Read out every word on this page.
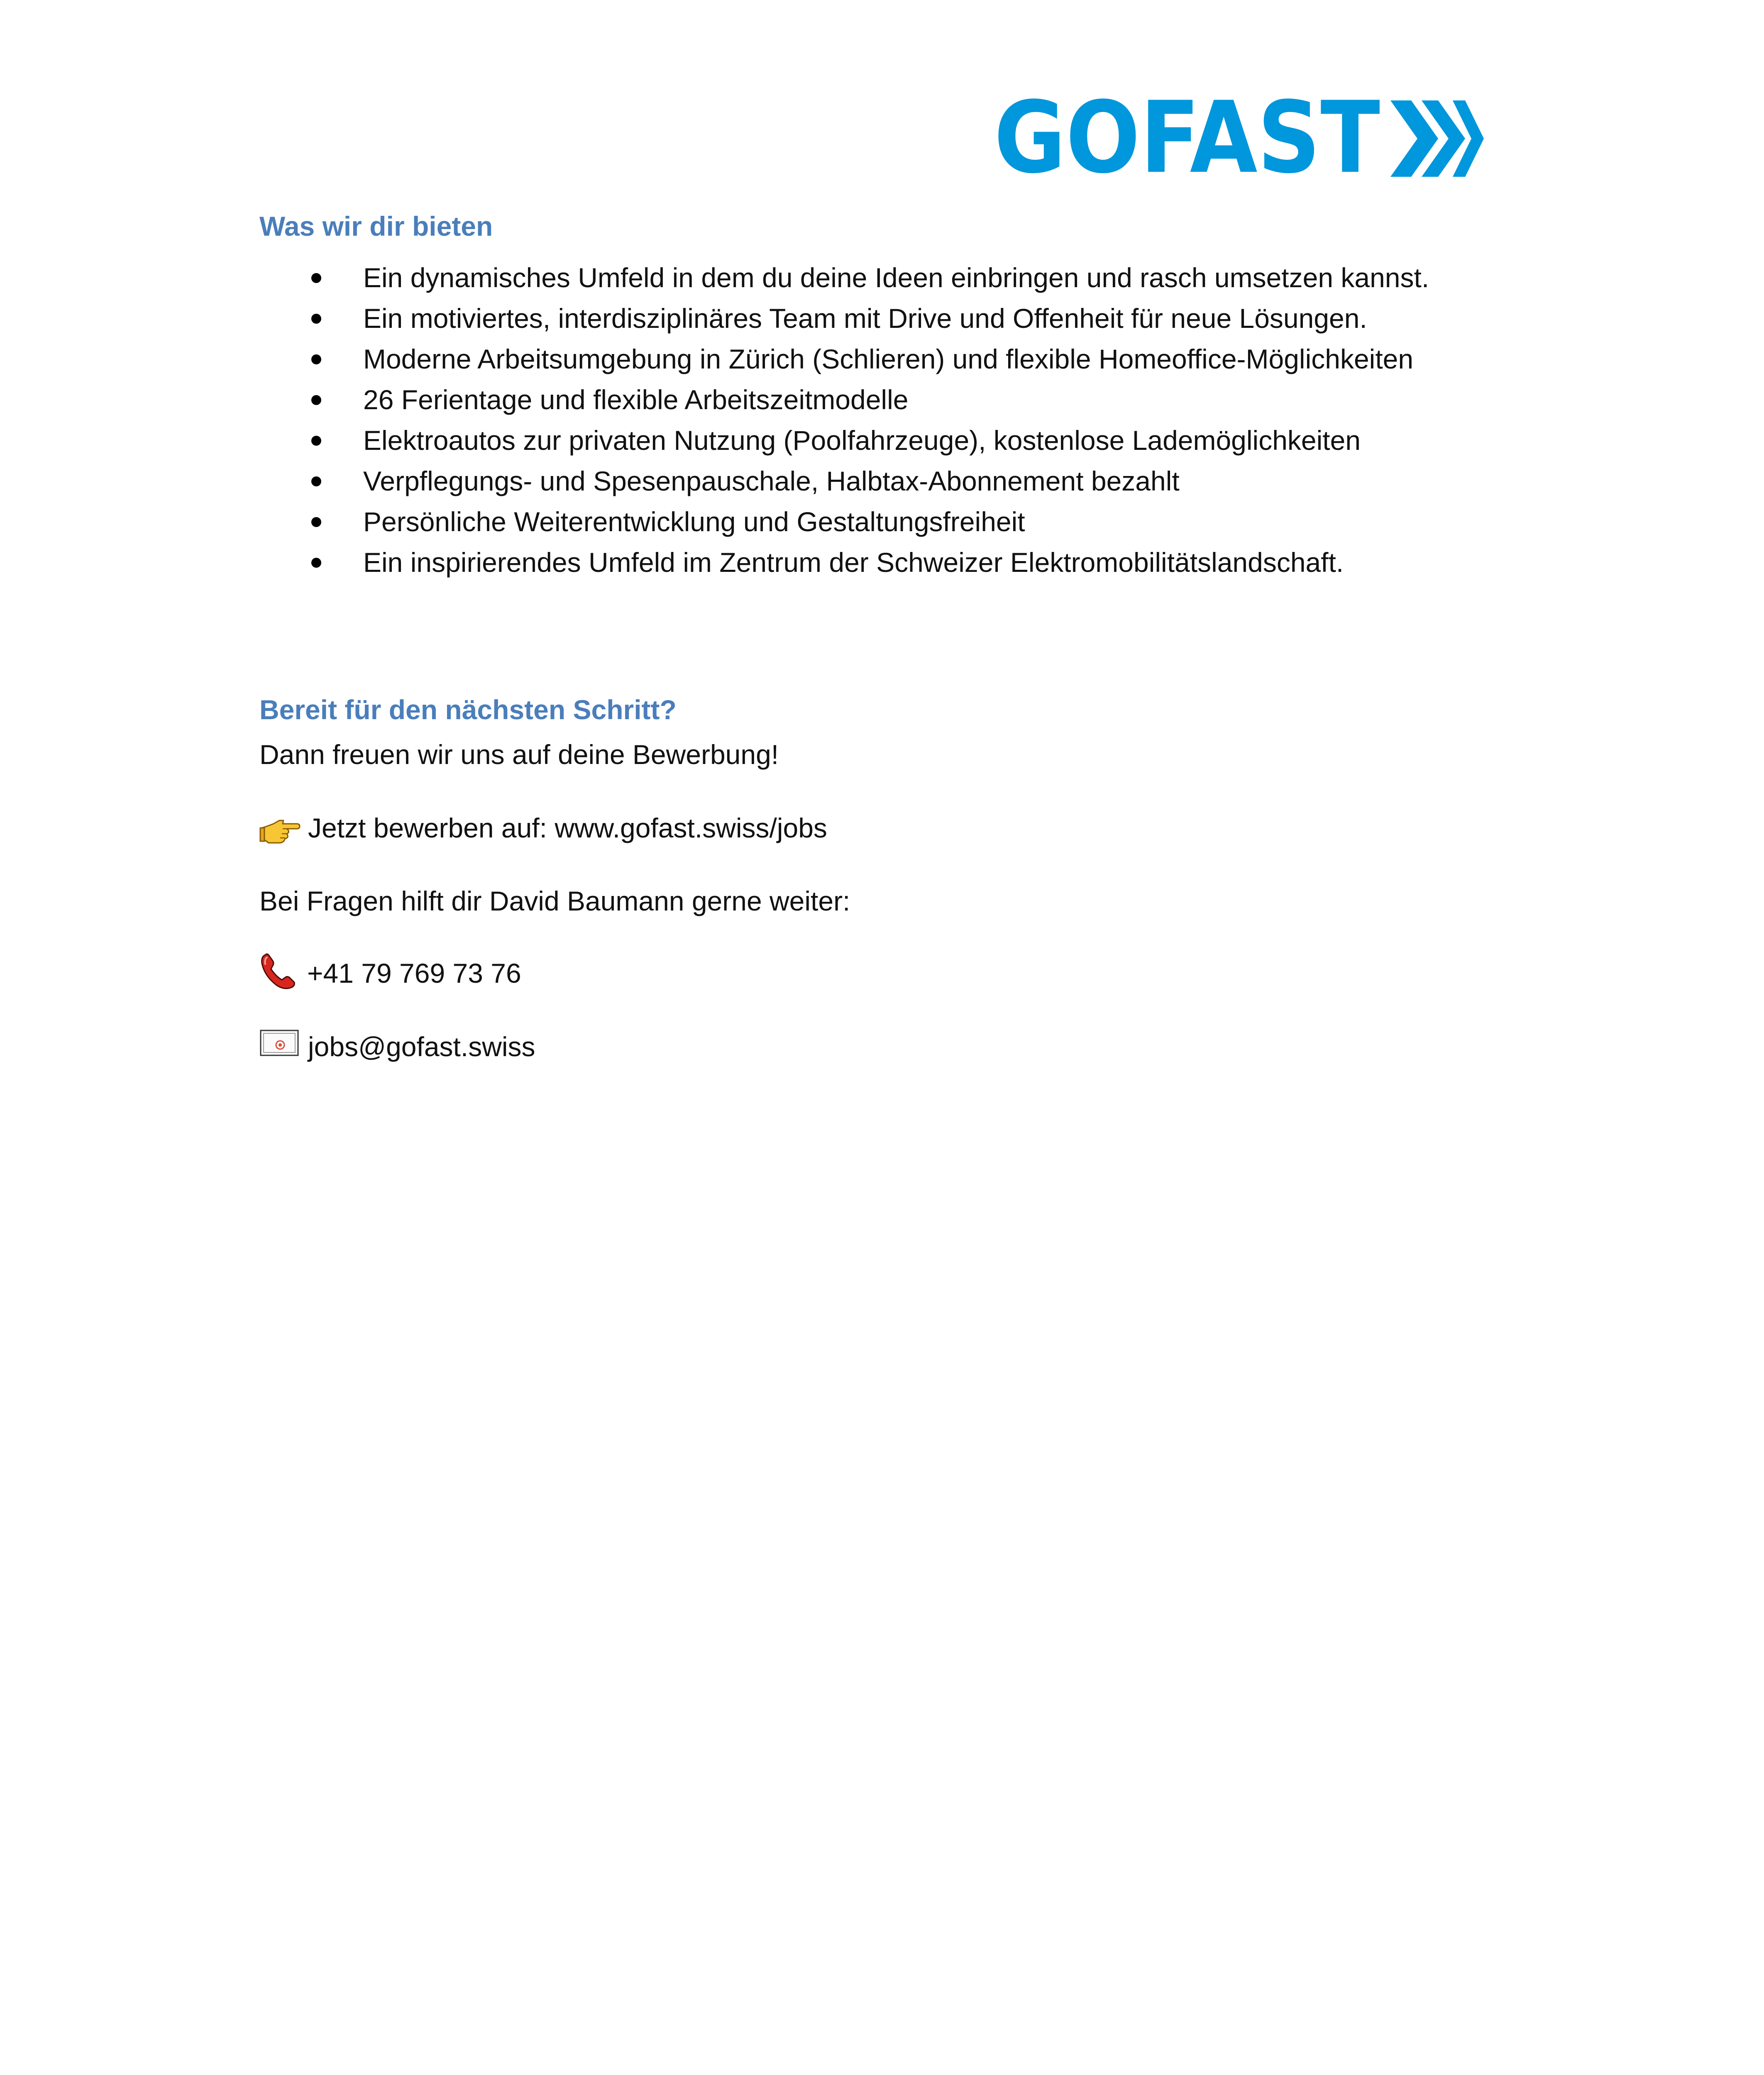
GOFAST
Was wir dir bieten
Ein dynamisches Umfeld in dem du deine Ideen einbringen und rasch umsetzen kannst.
Ein motiviertes, interdisziplinäres Team mit Drive und Offenheit für neue Lösungen.
Moderne Arbeitsumgebung in Zürich (Schlieren) und flexible Homeoffice-Möglichkeiten
26 Ferientage und flexible Arbeitszeitmodelle
Elektroautos zur privaten Nutzung (Poolfahrzeuge), kostenlose Lademöglichkeiten
Verpflegungs- und Spesenpauschale, Halbtax-Abonnement bezahlt
Persönliche Weiterentwicklung und Gestaltungsfreiheit
Ein inspirierendes Umfeld im Zentrum der Schweizer Elektromobilitätslandschaft.
Bereit für den nächsten Schritt?
Dann freuen wir uns auf deine Bewerbung!
Jetzt bewerben auf: www.gofast.swiss/jobs
Bei Fragen hilft dir David Baumann gerne weiter:
+41 79 769 73 76
jobs@gofast.swiss
